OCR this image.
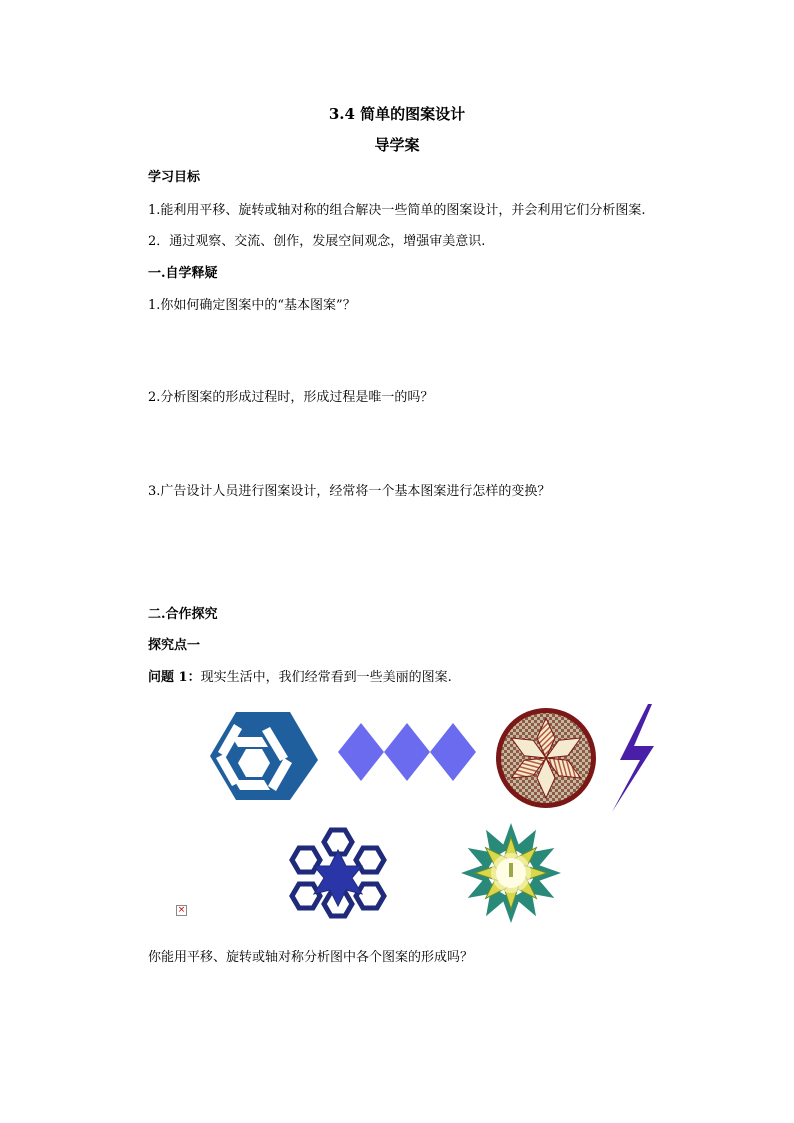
3.4 简单的图案设计
导学案
学习目标
1.能利用平移、旋转或轴对称的组合解决一些简单的图案设计，并会利用它们分析图案.
2．通过观察、交流、创作，发展空间观念，增强审美意识.
一.自学释疑
1.你如何确定图案中的“基本图案”？
2.分析图案的形成过程时，形成过程是唯一的吗？
3.广告设计人员进行图案设计，经常将一个基本图案进行怎样的变换？
二.合作探究
探究点一
问题 1：现实生活中，我们经常看到一些美丽的图案.
×
你能用平移、旋转或轴对称分析图中各个图案的形成吗？
